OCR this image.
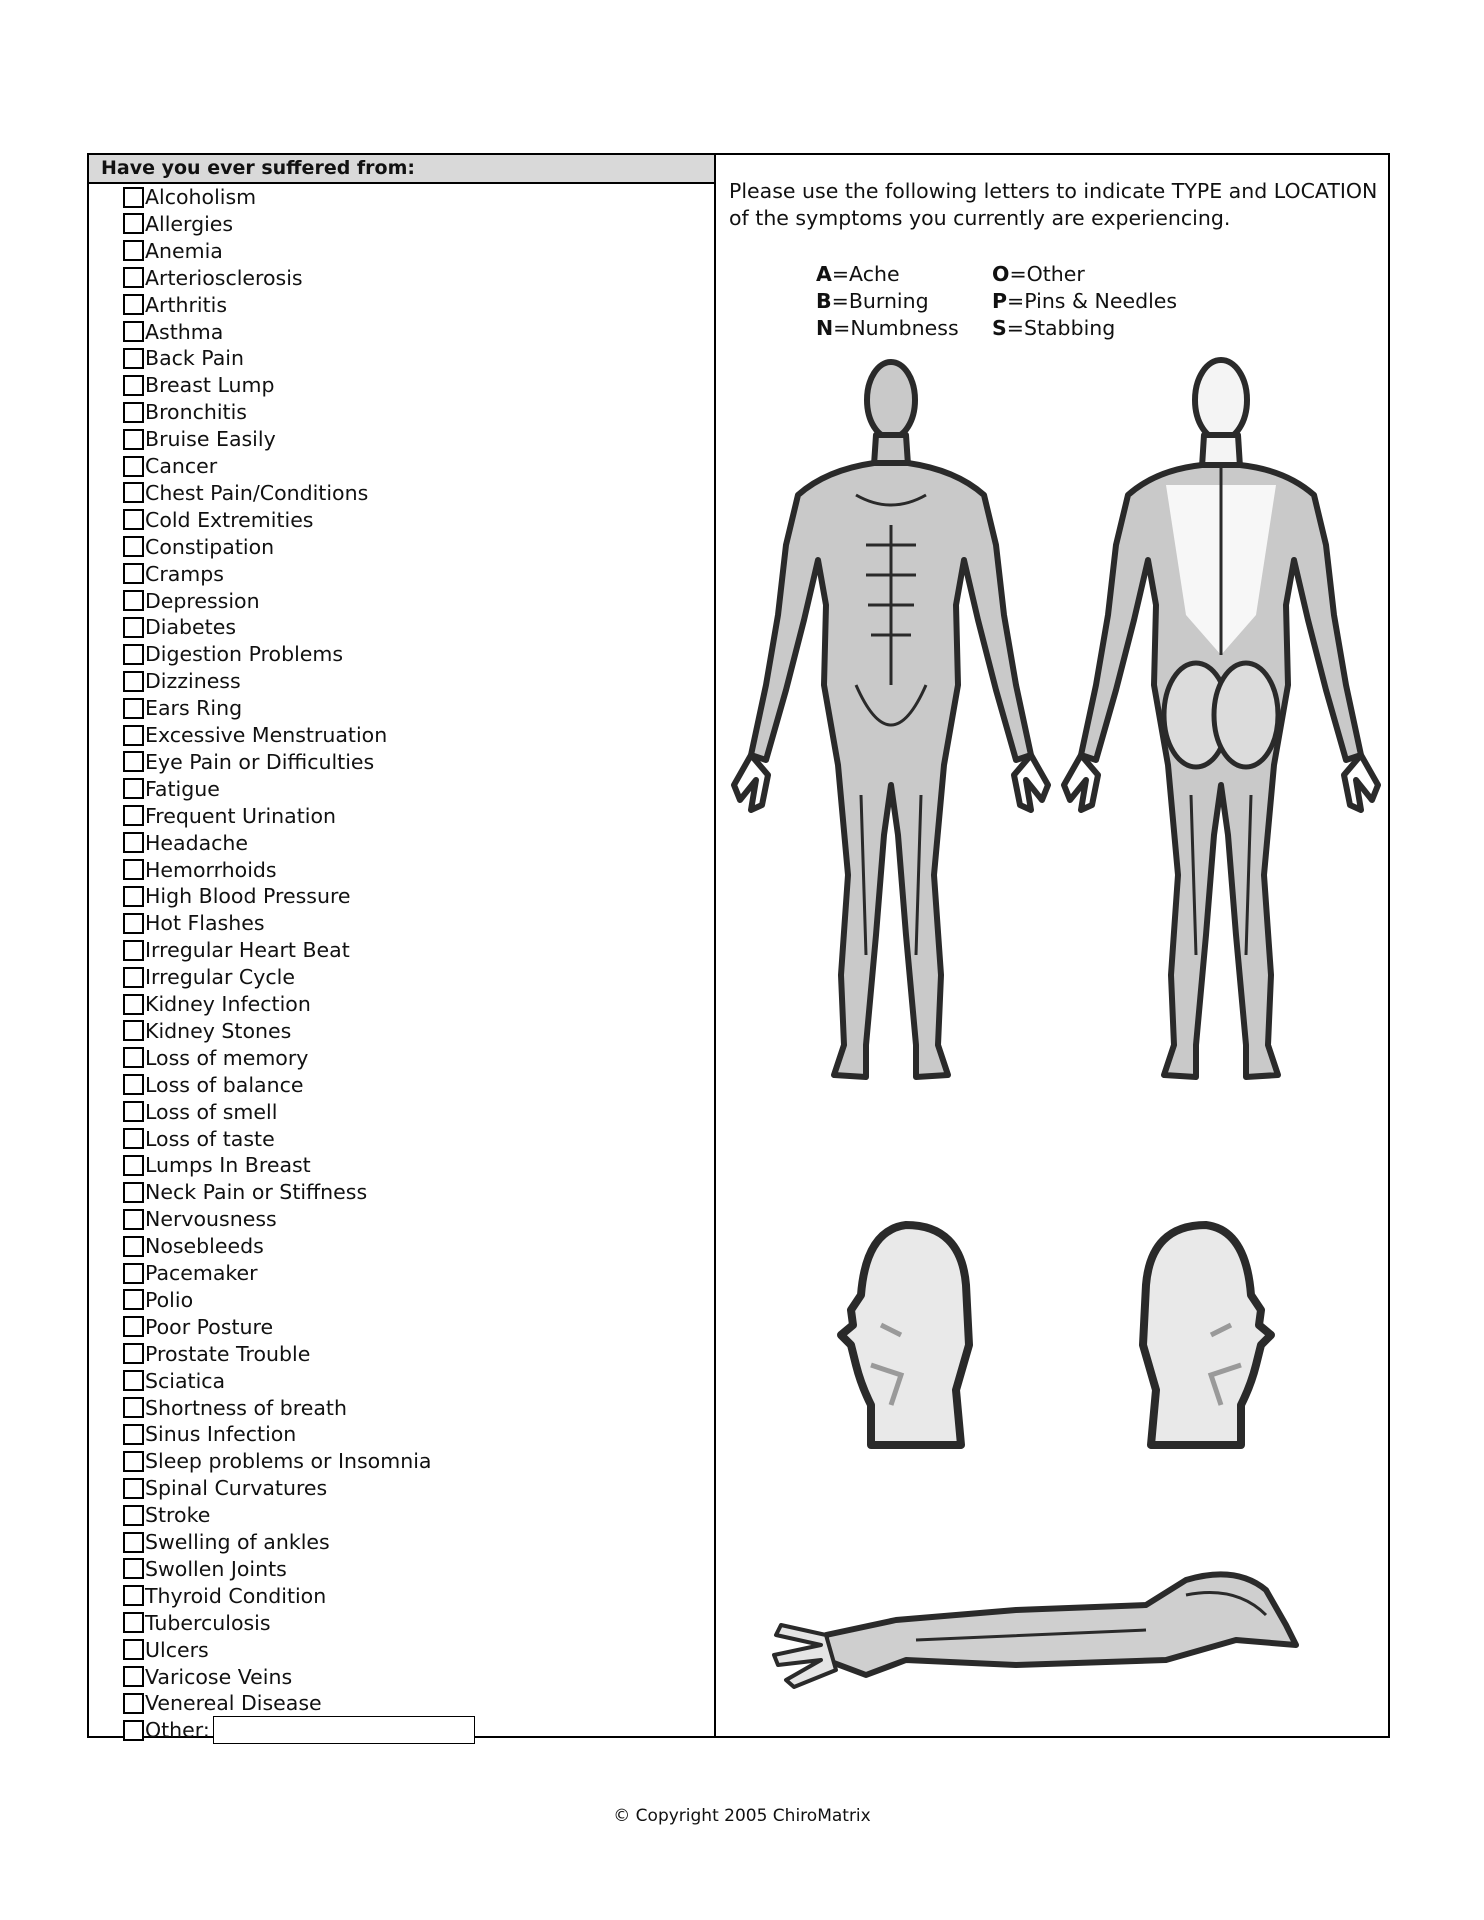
Have you ever suffered from:
Alcoholism
Allergies
Anemia
Arteriosclerosis
Arthritis
Asthma
Back Pain
Breast Lump
Bronchitis
Bruise Easily
Cancer
Chest Pain/Conditions
Cold Extremities
Constipation
Cramps
Depression
Diabetes
Digestion Problems
Dizziness
Ears Ring
Excessive Menstruation
Eye Pain or Difficulties
Fatigue
Frequent Urination
Headache
Hemorrhoids
High Blood Pressure
Hot Flashes
Irregular Heart Beat
Irregular Cycle
Kidney Infection
Kidney Stones
Loss of memory
Loss of balance
Loss of smell
Loss of taste
Lumps In Breast
Neck Pain or Stiffness
Nervousness
Nosebleeds
Pacemaker
Polio
Poor Posture
Prostate Trouble
Sciatica
Shortness of breath
Sinus Infection
Sleep problems or Insomnia
Spinal Curvatures
Stroke
Swelling of ankles
Swollen Joints
Thyroid Condition
Tuberculosis
Ulcers
Varicose Veins
Venereal Disease
Other:
Please use the following letters to indicate TYPE and LOCATION of the symptoms you currently are experiencing.
A=Ache
B=Burning
N=Numbness
O=Other
P=Pins & Needles
S=Stabbing
© Copyright 2005 ChiroMatrix
